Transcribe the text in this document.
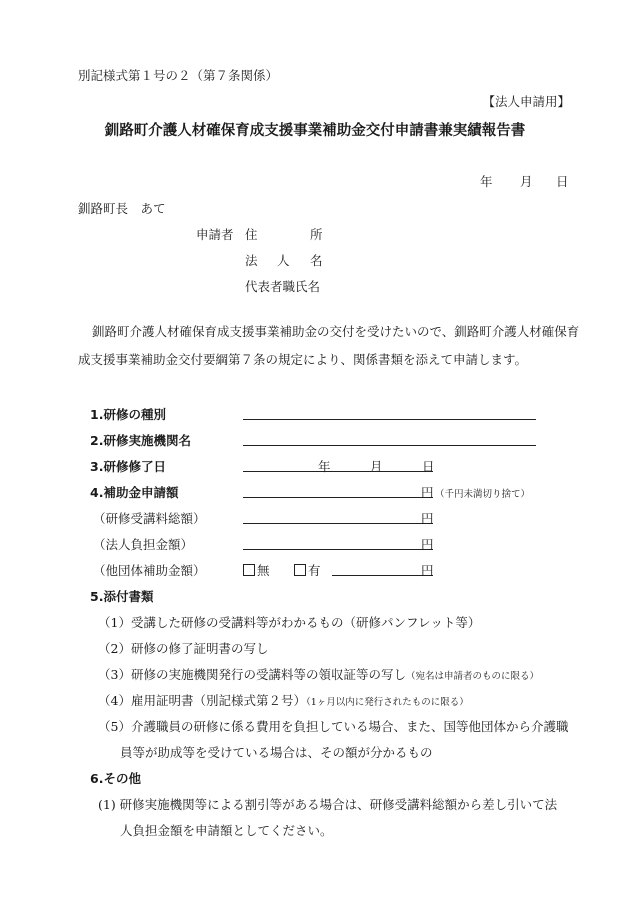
別記様式第１号の２（第７条関係）
【法人申請用】
釧路町介護人材確保育成支援事業補助金交付申請書兼実績報告書
年 月 日
釧路町長　あて
申請者 住	所
法 人 名
代表者職氏名
釧路町介護人材確保育成支援事業補助金の交付を受けたいので、釧路町介護人材確保育成支援事業補助金交付要綱第７条の規定により、関係書類を添えて申請します。
1.研修の種別
2.研修実施機関名
3.研修修了日	年	月	日
4.補助金申請額	円 （千円未満切り捨て）
（研修受講料総額）	円
（法人負担金額）	円
（他団体補助金額）	無	有	円
5.添付書類
（1）受講した研修の受講料等がわかるもの（研修パンフレット等）
（2）研修の修了証明書の写し
（3）研修の実施機関発行の受講料等の領収証等の写し（宛名は申請者のものに限る）
（4）雇用証明書（別記様式第２号）（1ヶ月以内に発行されたものに限る）
（5）介護職員の研修に係る費用を負担している場合、また、国等他団体から介護職
員等が助成等を受けている場合は、その額が分かるもの
6.その他
(1) 研修実施機関等による割引等がある場合は、研修受講料総額から差し引いて法
人負担金額を申請額としてください。
